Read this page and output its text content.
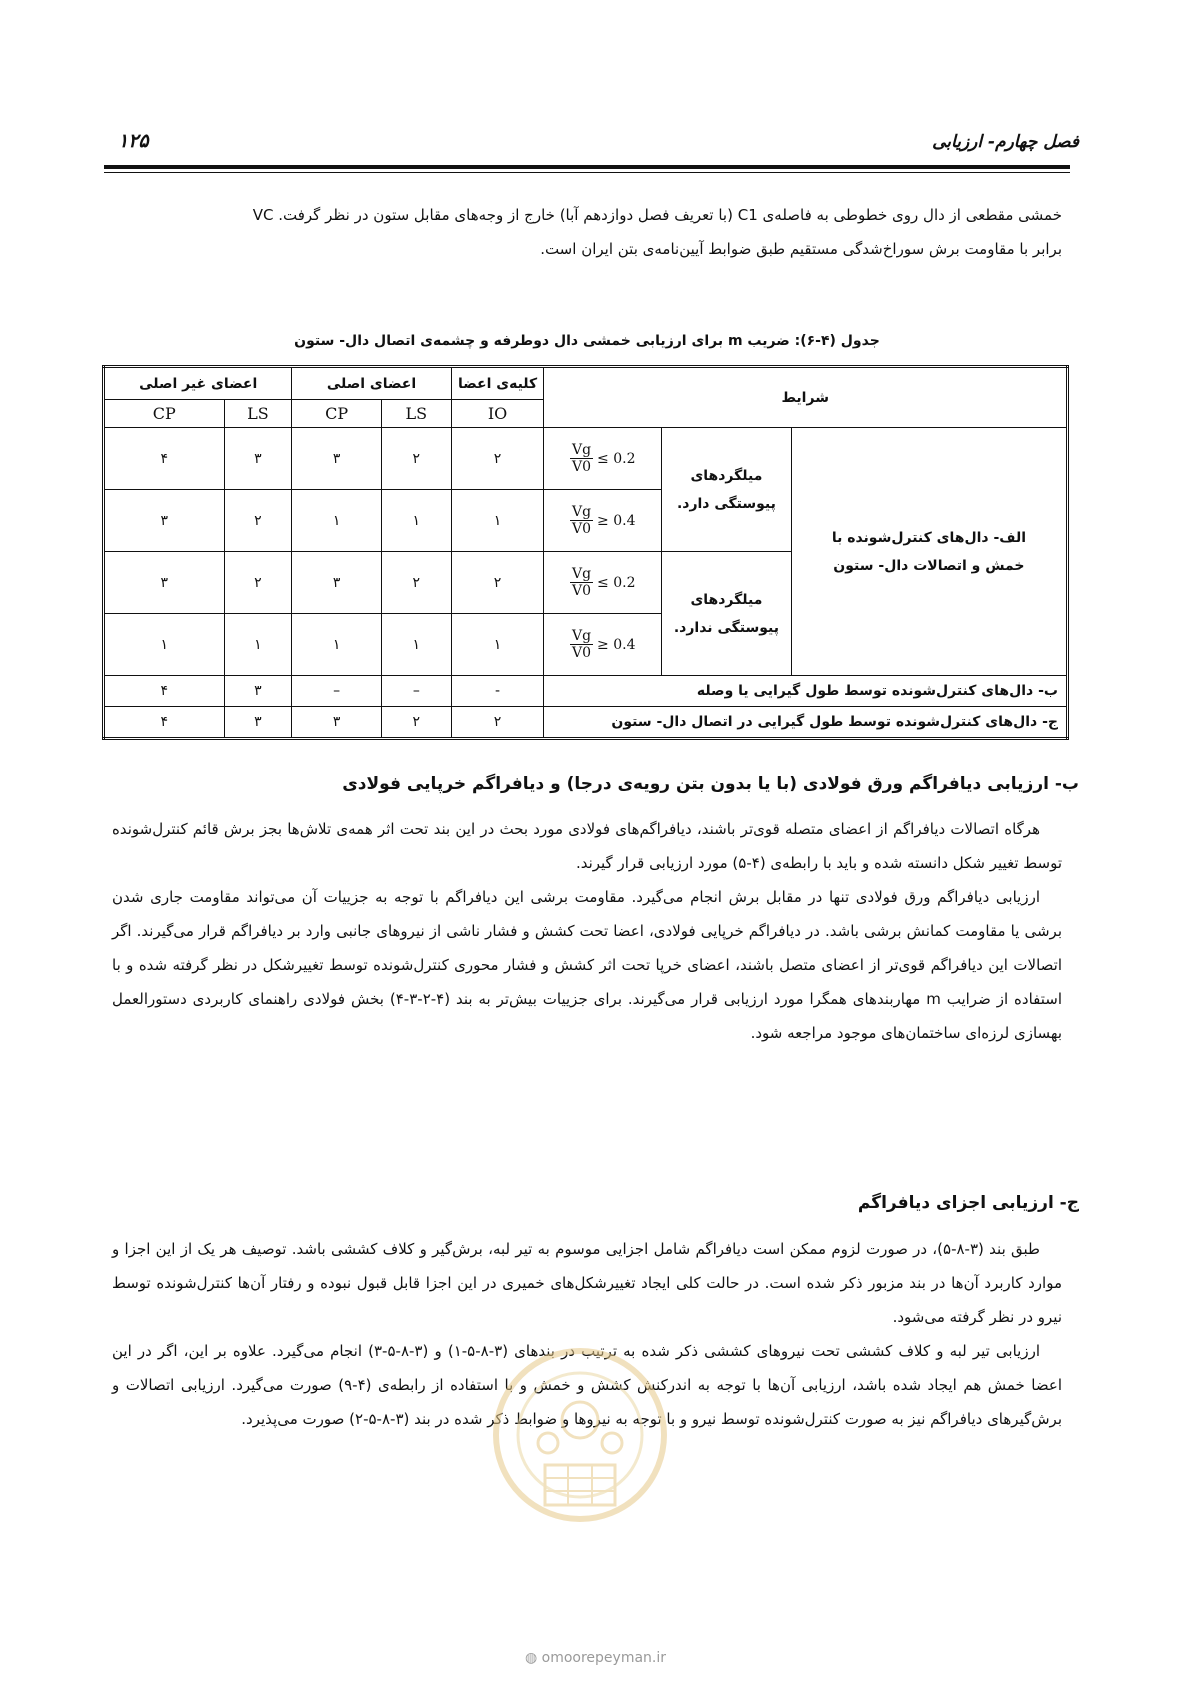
فصل چهارم- ارزیابی
۱۲۵

خمشی مقطعی از دال روی خطوطی به فاصله‌ی C1 (با تعریف فصل دوازدهم آبا) خارج از وجه‌های مقابل ستون در نظر گرفت. VC

برابر با مقاومت برش سوراخ‌شدگی مستقیم طبق ضوابط آیین‌نامه‌ی بتن ایران است.

جدول (۴-۶): ضریب m برای ارزیابی خمشی دال دوطرفه و چشمه‌ی اتصال دال- ستون
شرایط			کلیه‌ی اعضا	اعضای اصلی		اعضای غیر اصلی	
			IO	LS	CP	LS	CP
الف- دال‌های کنترل‌شونده با خمش و اتصالات دال- ستون	میلگردهای پیوستگی دارد.	$\frac{Vg}{V0} \le 0.2$	۲	۲	۳	۳	۴

		$\frac{Vg}{V0} \ge 0.4$	۱	۱	۱	۲	۳
	میلگردهای پیوستگی ندارد.	$\frac{Vg}{V0} \le 0.2$	۲	۲	۳	۲	۳

		$\frac{Vg}{V0} \ge 0.4$	۱	۱	۱	۱	۱
ب- دال‌های کنترل‌شونده توسط طول گیرایی یا وصله			-	–	–	۳	۴
ج- دال‌های کنترل‌شونده توسط طول گیرایی در اتصال دال- ستون			۲	۲	۳	۳	۴
ب- ارزیابی دیافراگم ورق فولادی (با یا بدون بتن رویه‌ی درجا) و دیافراگم خرپایی فولادی

هرگاه اتصالات دیافراگم از اعضای متصله قوی‌تر باشند، دیافراگم‌های فولادی مورد بحث در این بند تحت اثر همه‌ی تلاش‌ها بجز برش قائم کنترل‌شونده توسط تغییر شکل دانسته شده و باید با رابطه‌ی (۴-۵) مورد ارزیابی قرار گیرند.

ارزیابی دیافراگم ورق فولادی تنها در مقابل برش انجام می‌گیرد. مقاومت برشی این دیافراگم با توجه به جزییات آن می‌تواند مقاومت جاری شدن برشی یا مقاومت کمانش برشی باشد. در دیافراگم خرپایی فولادی، اعضا تحت کشش و فشار ناشی از نیروهای جانبی وارد بر دیافراگم قرار می‌گیرند. اگر اتصالات این دیافراگم قوی‌تر از اعضای متصل باشند، اعضای خرپا تحت اثر کشش و فشار محوری کنترل‌شونده توسط تغییرشکل در نظر گرفته شده و با استفاده از ضرایب m مهاربندهای همگرا مورد ارزیابی قرار می‌گیرند. برای جزییات بیش‌تر به بند (۴-۲-۳-۴) بخش فولادی راهنمای کاربردی دستورالعمل بهسازی لرزه‌ای ساختمان‌های موجود مراجعه شود.

ج- ارزیابی اجزای دیافراگم

طبق بند (۳-۸-۵)، در صورت لزوم ممکن است دیافراگم شامل اجزایی موسوم به تیر لبه، برش‌گیر و کلاف کششی باشد. توصیف هر یک از این اجزا و موارد کاربرد آن‌ها در بند مزبور ذکر شده است. در حالت کلی ایجاد تغییرشکل‌های خمیری در این اجزا قابل قبول نبوده و رفتار آن‌ها کنترل‌شونده توسط نیرو در نظر گرفته می‌شود.

ارزیابی تیر لبه و کلاف کششی تحت نیروهای کششی ذکر شده به ترتیب در بندهای (۳-۸-۵-۱) و (۳-۸-۵-۳) انجام می‌گیرد. علاوه بر این، اگر در این اعضا خمش هم ایجاد شده باشد، ارزیابی آن‌ها با توجه به اندرکنش کشش و خمش و با استفاده از رابطه‌ی (۴-۹) صورت می‌گیرد. ارزیابی اتصالات و برش‌گیرهای دیافراگم نیز به صورت کنترل‌شونده توسط نیرو و با توجه به نیروها و ضوابط ذکر شده در بند (۳-۸-۵-۲) صورت می‌پذیرد.

◍ omoorepeyman.ir
